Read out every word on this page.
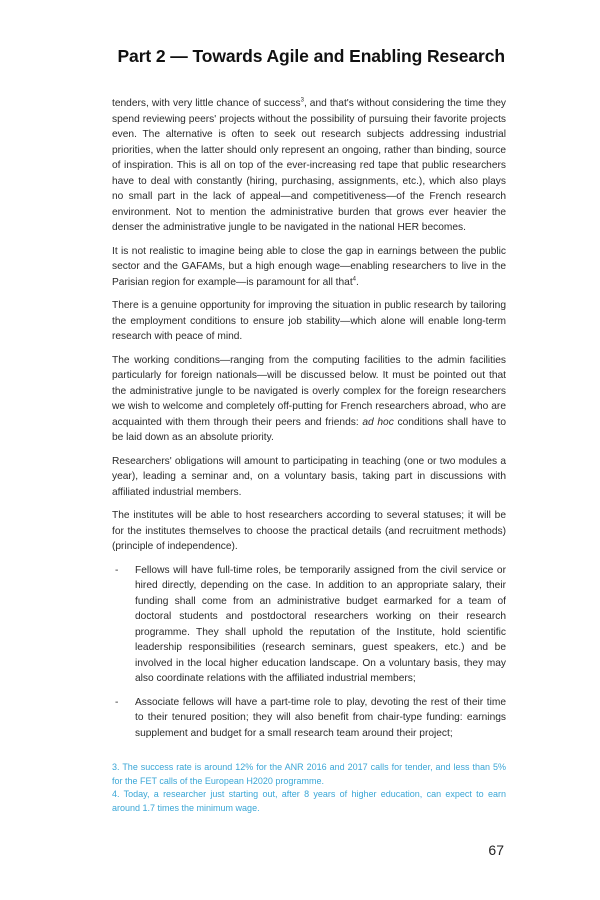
Part 2 — Towards Agile and Enabling Research

tenders, with very little chance of success$^3$, and that's without considering the time they spend reviewing peers' projects without the possibility of pursuing their favorite projects even. The alternative is often to seek out research subjects addressing industrial priorities, when the latter should only represent an ongoing, rather than binding, source of inspiration. This is all on top of the ever-increasing red tape that public researchers have to deal with constantly (hiring, purchasing, assignments, etc.), which also plays no small part in the lack of appeal—and competitiveness—of the French research environment. Not to mention the administrative burden that grows ever heavier the denser the administrative jungle to be navigated in the national HER becomes.

It is not realistic to imagine being able to close the gap in earnings between the public sector and the GAFAMs, but a high enough wage—enabling researchers to live in the Parisian region for example—is paramount for all that$^4$.

There is a genuine opportunity for improving the situation in public research by tailoring the employment conditions to ensure job stability—which alone will enable long-term research with peace of mind.

The working conditions—ranging from the computing facilities to the admin facilities particularly for foreign nationals—will be discussed below. It must be pointed out that the administrative jungle to be navigated is overly complex for the foreign researchers we wish to welcome and completely off-putting for French researchers abroad, who are acquainted with them through their peers and friends: ad hoc conditions shall have to be laid down as an absolute priority.

Researchers' obligations will amount to participating in teaching (one or two modules a year), leading a seminar and, on a voluntary basis, taking part in discussions with affiliated industrial members.

The institutes will be able to host researchers according to several statuses; it will be for the institutes themselves to choose the practical details (and recruitment methods) (principle of independence).

- Fellows will have full-time roles, be temporarily assigned from the civil service or hired directly, depending on the case. In addition to an appropriate salary, their funding shall come from an administrative budget earmarked for a team of doctoral students and postdoctoral researchers working on their research programme. They shall uphold the reputation of the Institute, hold scientific leadership responsibilities (research seminars, guest speakers, etc.) and be involved in the local higher education landscape. On a voluntary basis, they may also coordinate relations with the affiliated industrial members;
- Associate fellows will have a part-time role to play, devoting the rest of their time to their tenured position; they will also benefit from chair-type funding: earnings supplement and budget for a small research team around their project;
3. The success rate is around 12% for the ANR 2016 and 2017 calls for tender, and less than 5% for the FET calls of the European H2020 programme.
4. Today, a researcher just starting out, after 8 years of higher education, can expect to earn around 1.7 times the minimum wage.
67
